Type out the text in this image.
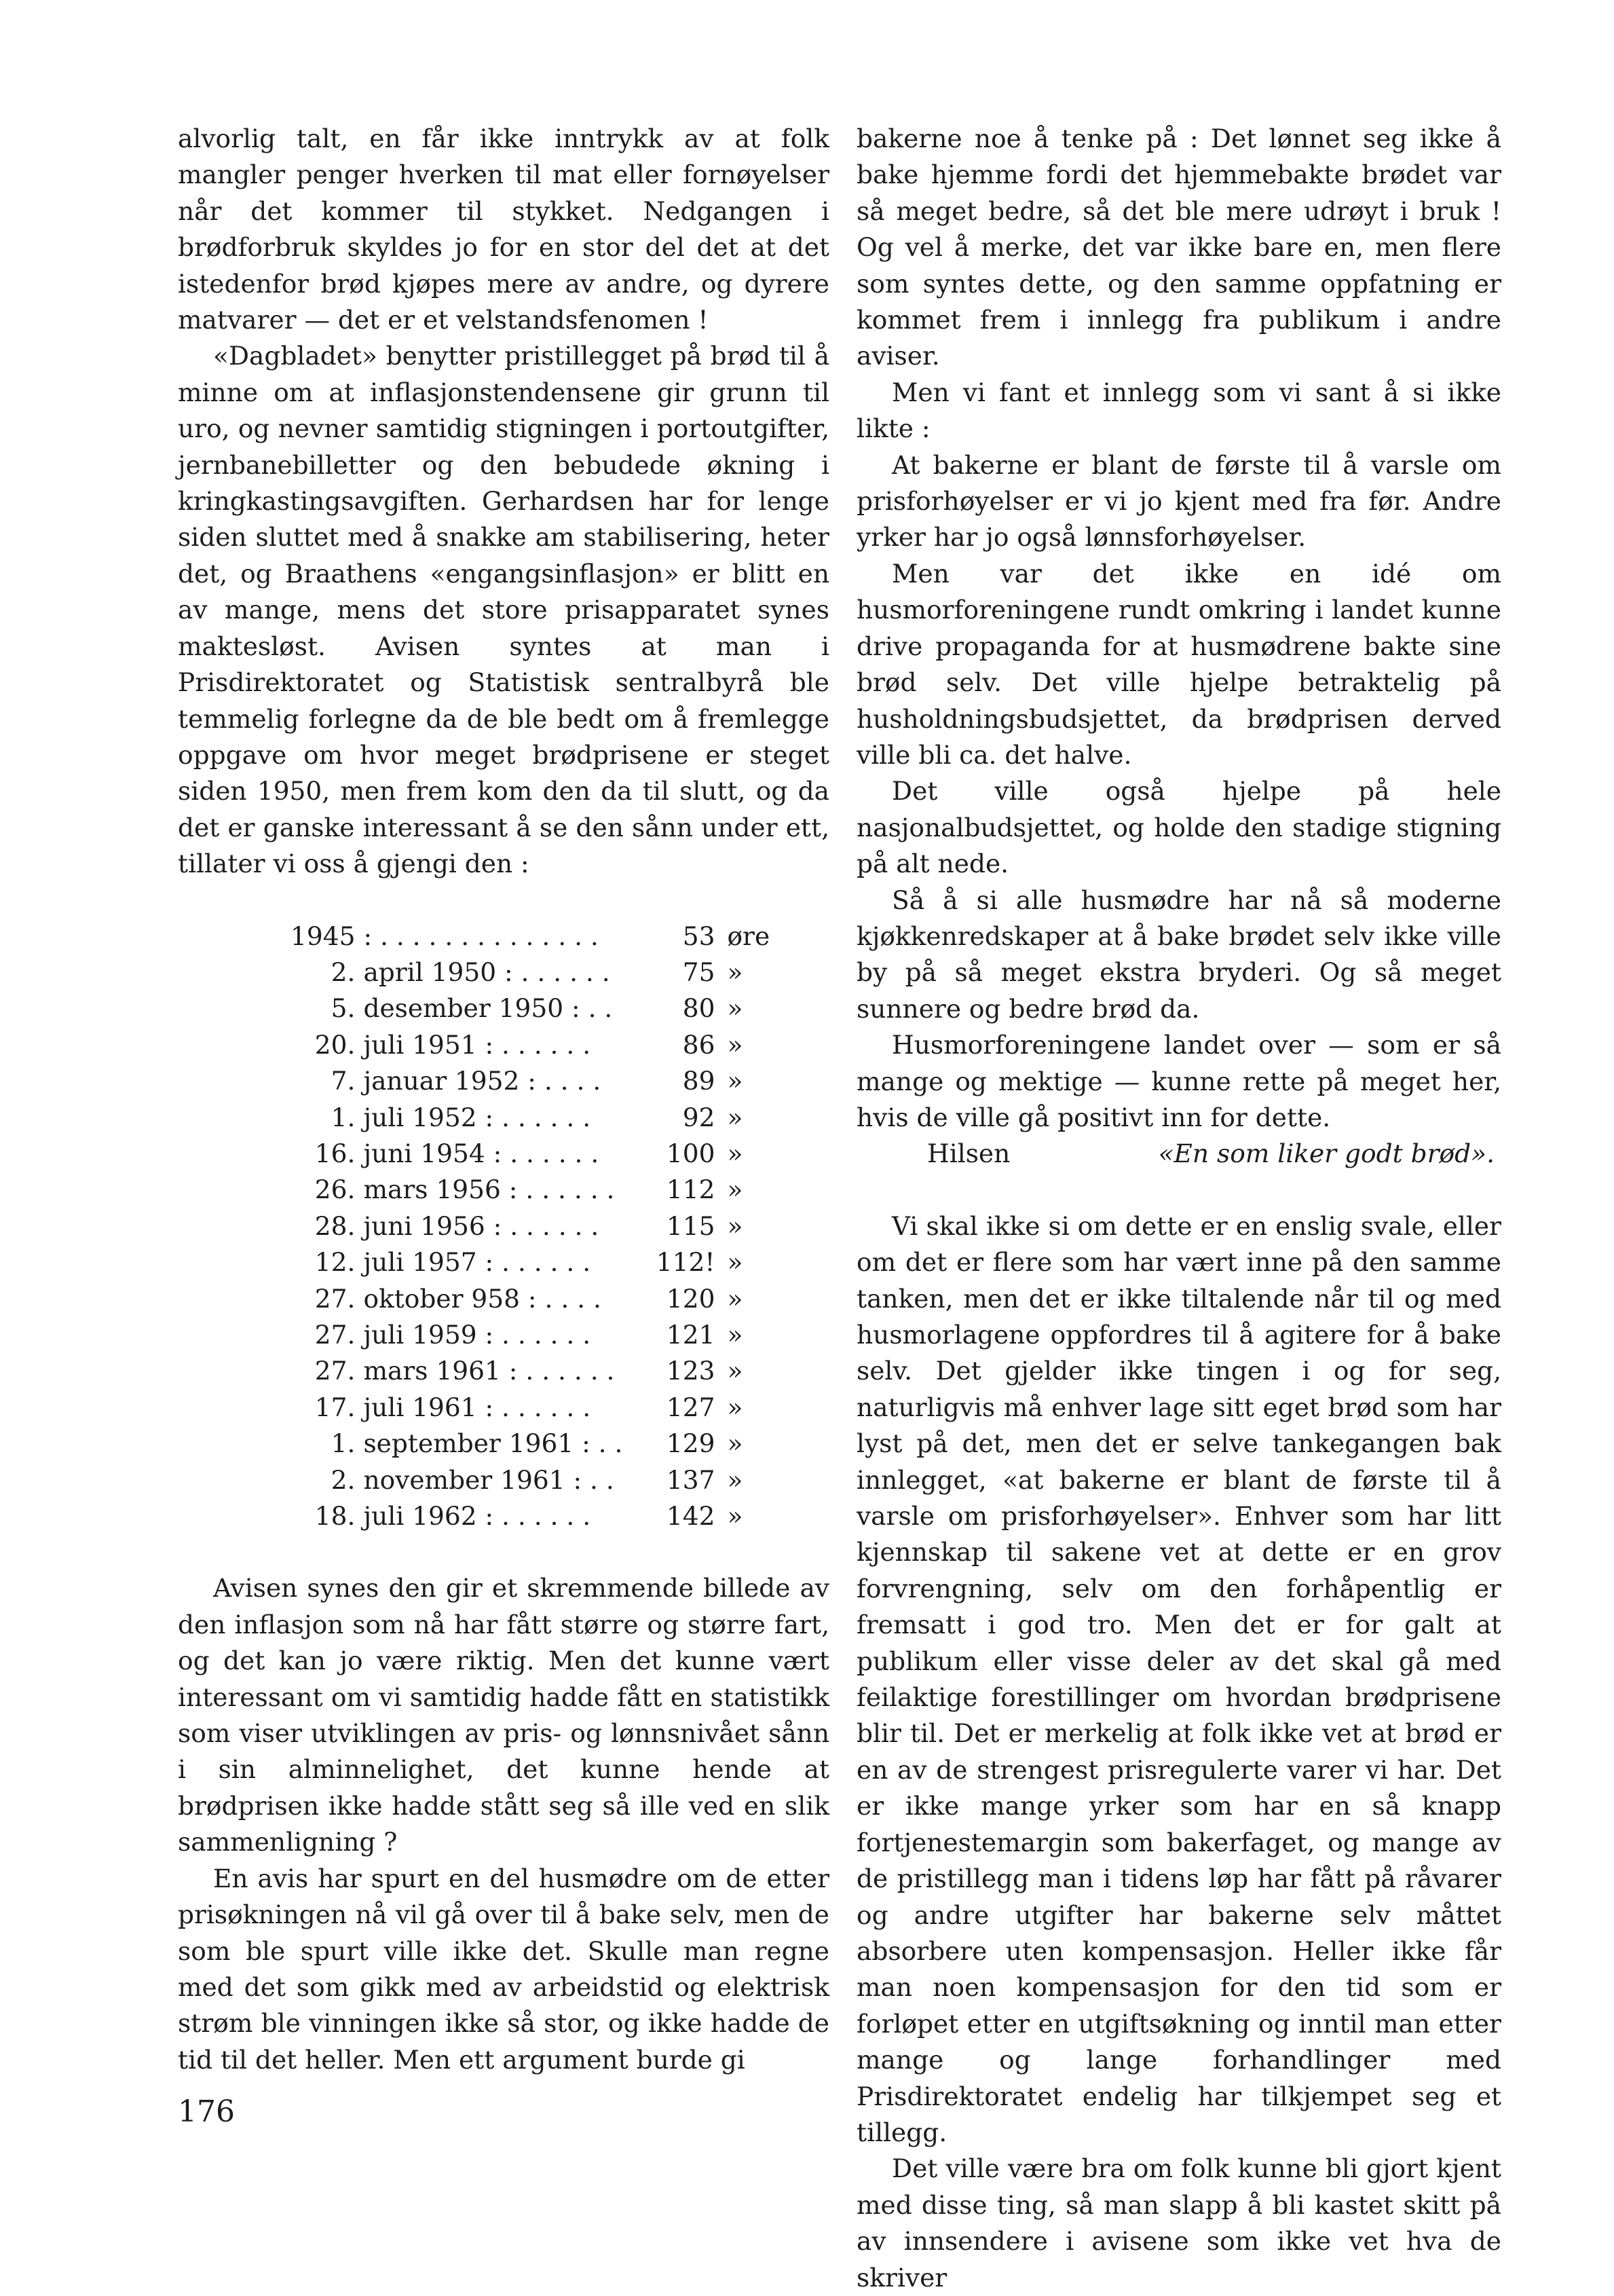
alvorlig talt, en får ikke inntrykk av at folk mangler penger hverken til mat eller fornøyelser når det kommer til stykket. Nedgangen i brødforbruk skyldes jo for en stor del det at det istedenfor brød kjøpes mere av andre, og dyrere matvarer — det er et velstandsfenomen !

«Dagbladet» benytter pristillegget på brød til å minne om at inflasjonstendensene gir grunn til uro, og nevner samtidig stigningen i portoutgifter, jernbanebilletter og den bebudede økning i kringkastingsavgiften. Gerhardsen har for lenge siden sluttet med å snakke am stabilisering, heter det, og Braathens «engangsinflasjon» er blitt en av mange, mens det store prisapparatet synes maktesløst. Avisen syntes at man i Prisdirektoratet og Statistisk sentralbyrå ble temmelig forlegne da de ble bedt om å fremlegge oppgave om hvor meget brødprisene er steget siden 1950, men frem kom den da til slutt, og da det er ganske interessant å se den sånn under ett, tillater vi oss å gjengi den :

1945	: . . . . . . . . . . . . . .	53	øre
2.	april 1950 : . . . . . .	75	»
5.	desember 1950 : . .	80	»
20.	juli 1951 : . . . . . .	86	»
7.	januar 1952 : . . . .	89	»
1.	juli 1952 : . . . . . .	92	»
16.	juni 1954 : . . . . . .	100	»
26.	mars 1956 : . . . . . .	112	»
28.	juni 1956 : . . . . . .	115	»
12.	juli 1957 : . . . . . .	112!	»
27.	oktober 958 : . . . .	120	»
27.	juli 1959 : . . . . . .	121	»
27.	mars 1961 : . . . . . .	123	»
17.	juli 1961 : . . . . . .	127	»
1.	september 1961 : . .	129	»
2.	november 1961 : . .	137	»
18.	juli 1962 : . . . . . .	142	»

Avisen synes den gir et skremmende billede av den inflasjon som nå har fått større og større fart, og det kan jo være riktig. Men det kunne vært interessant om vi samtidig hadde fått en statistikk som viser utviklingen av pris- og lønnsnivået sånn i sin alminnelighet, det kunne hende at brødprisen ikke hadde stått seg så ille ved en slik sammenligning ?

En avis har spurt en del husmødre om de etter prisøkningen nå vil gå over til å bake selv, men de som ble spurt ville ikke det. Skulle man regne med det som gikk med av arbeidstid og elektrisk strøm ble vinningen ikke så stor, og ikke hadde de tid til det heller. Men ett argument burde gi

bakerne noe å tenke på : Det lønnet seg ikke å bake hjemme fordi det hjemmebakte brødet var så meget bedre, så det ble mere udrøyt i bruk ! Og vel å merke, det var ikke bare en, men flere som syntes dette, og den samme oppfatning er kommet frem i innlegg fra publikum i andre aviser.

Men vi fant et innlegg som vi sant å si ikke likte :

At bakerne er blant de første til å varsle om prisforhøyelser er vi jo kjent med fra før. Andre yrker har jo også lønnsforhøyelser.

Men var det ikke en idé om husmorforeningene rundt omkring i landet kunne drive propaganda for at husmødrene bakte sine brød selv. Det ville hjelpe betraktelig på husholdningsbudsjettet, da brødprisen derved ville bli ca. det halve.

Det ville også hjelpe på hele nasjonalbudsjettet, og holde den stadige stigning på alt nede.

Så å si alle husmødre har nå så moderne kjøkkenredskaper at å bake brødet selv ikke ville by på så meget ekstra bryderi. Og så meget sunnere og bedre brød da.

Husmorforeningene landet over — som er så mange og mektige — kunne rette på meget her, hvis de ville gå positivt inn for dette.

Hilsen	«En som liker godt brød».

Vi skal ikke si om dette er en enslig svale, eller om det er flere som har vært inne på den samme tanken, men det er ikke tiltalende når til og med husmorlagene oppfordres til å agitere for å bake selv. Det gjelder ikke tingen i og for seg, naturligvis må enhver lage sitt eget brød som har lyst på det, men det er selve tankegangen bak innlegget, «at bakerne er blant de første til å varsle om prisforhøyelser». Enhver som har litt kjennskap til sakene vet at dette er en grov forvrengning, selv om den forhåpentlig er fremsatt i god tro. Men det er for galt at publikum eller visse deler av det skal gå med feilaktige forestillinger om hvordan brødprisene blir til. Det er merkelig at folk ikke vet at brød er en av de strengest prisregulerte varer vi har. Det er ikke mange yrker som har en så knapp fortjenestemargin som bakerfaget, og mange av de pristillegg man i tidens løp har fått på råvarer og andre utgifter har bakerne selv måttet absorbere uten kompensasjon. Heller ikke får man noen kompensasjon for den tid som er forløpet etter en utgiftsøkning og inntil man etter mange og lange forhandlinger med Prisdirektoratet endelig har tilkjempet seg et tillegg.

Det ville være bra om folk kunne bli gjort kjent med disse ting, så man slapp å bli kastet skitt på av innsendere i avisene som ikke vet hva de skriver

176
